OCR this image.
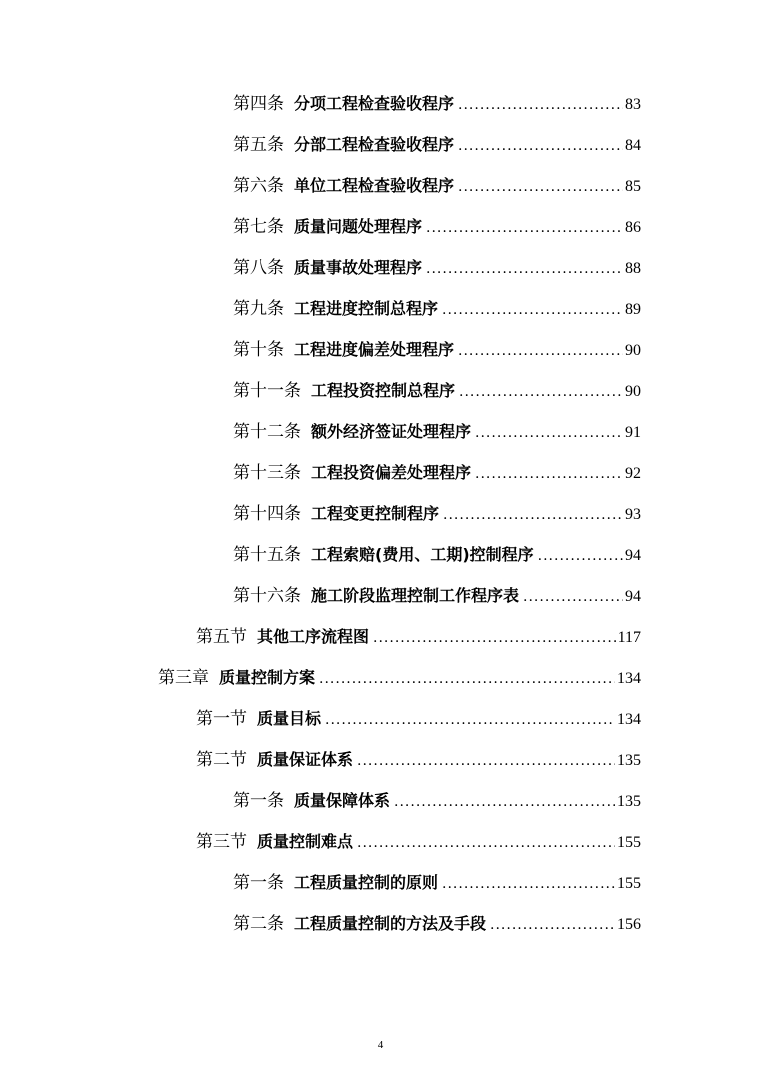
第四条 分项工程检查验收程序 .....	83
第五条 分部工程检查验收程序 .....	84
第六条 单位工程检查验收程序 .....	85
第七条 质量问题处理程序 .....	86
第八条 质量事故处理程序 .....	88
第九条 工程进度控制总程序 .....	89
第十条 工程进度偏差处理程序 .....	90
第十一条 工程投资控制总程序 .....	90
第十二条 额外经济签证处理程序 .....	91
第十三条 工程投资偏差处理程序 .....	92
第十四条 工程变更控制程序 .....	93
第十五条 工程索赔(费用、工期)控制程序 .....	94
第十六条 施工阶段监理控制工作程序表 .....	94
第五节 其他工序流程图 .....	117
第三章 质量控制方案 .....	134
第一节 质量目标 .....	134
第二节 质量保证体系 .....	135
第一条 质量保障体系 .....	135
第三节 质量控制难点 .....	155
第一条 工程质量控制的原则 .....	155
第二条 工程质量控制的方法及手段 .....	156
4
